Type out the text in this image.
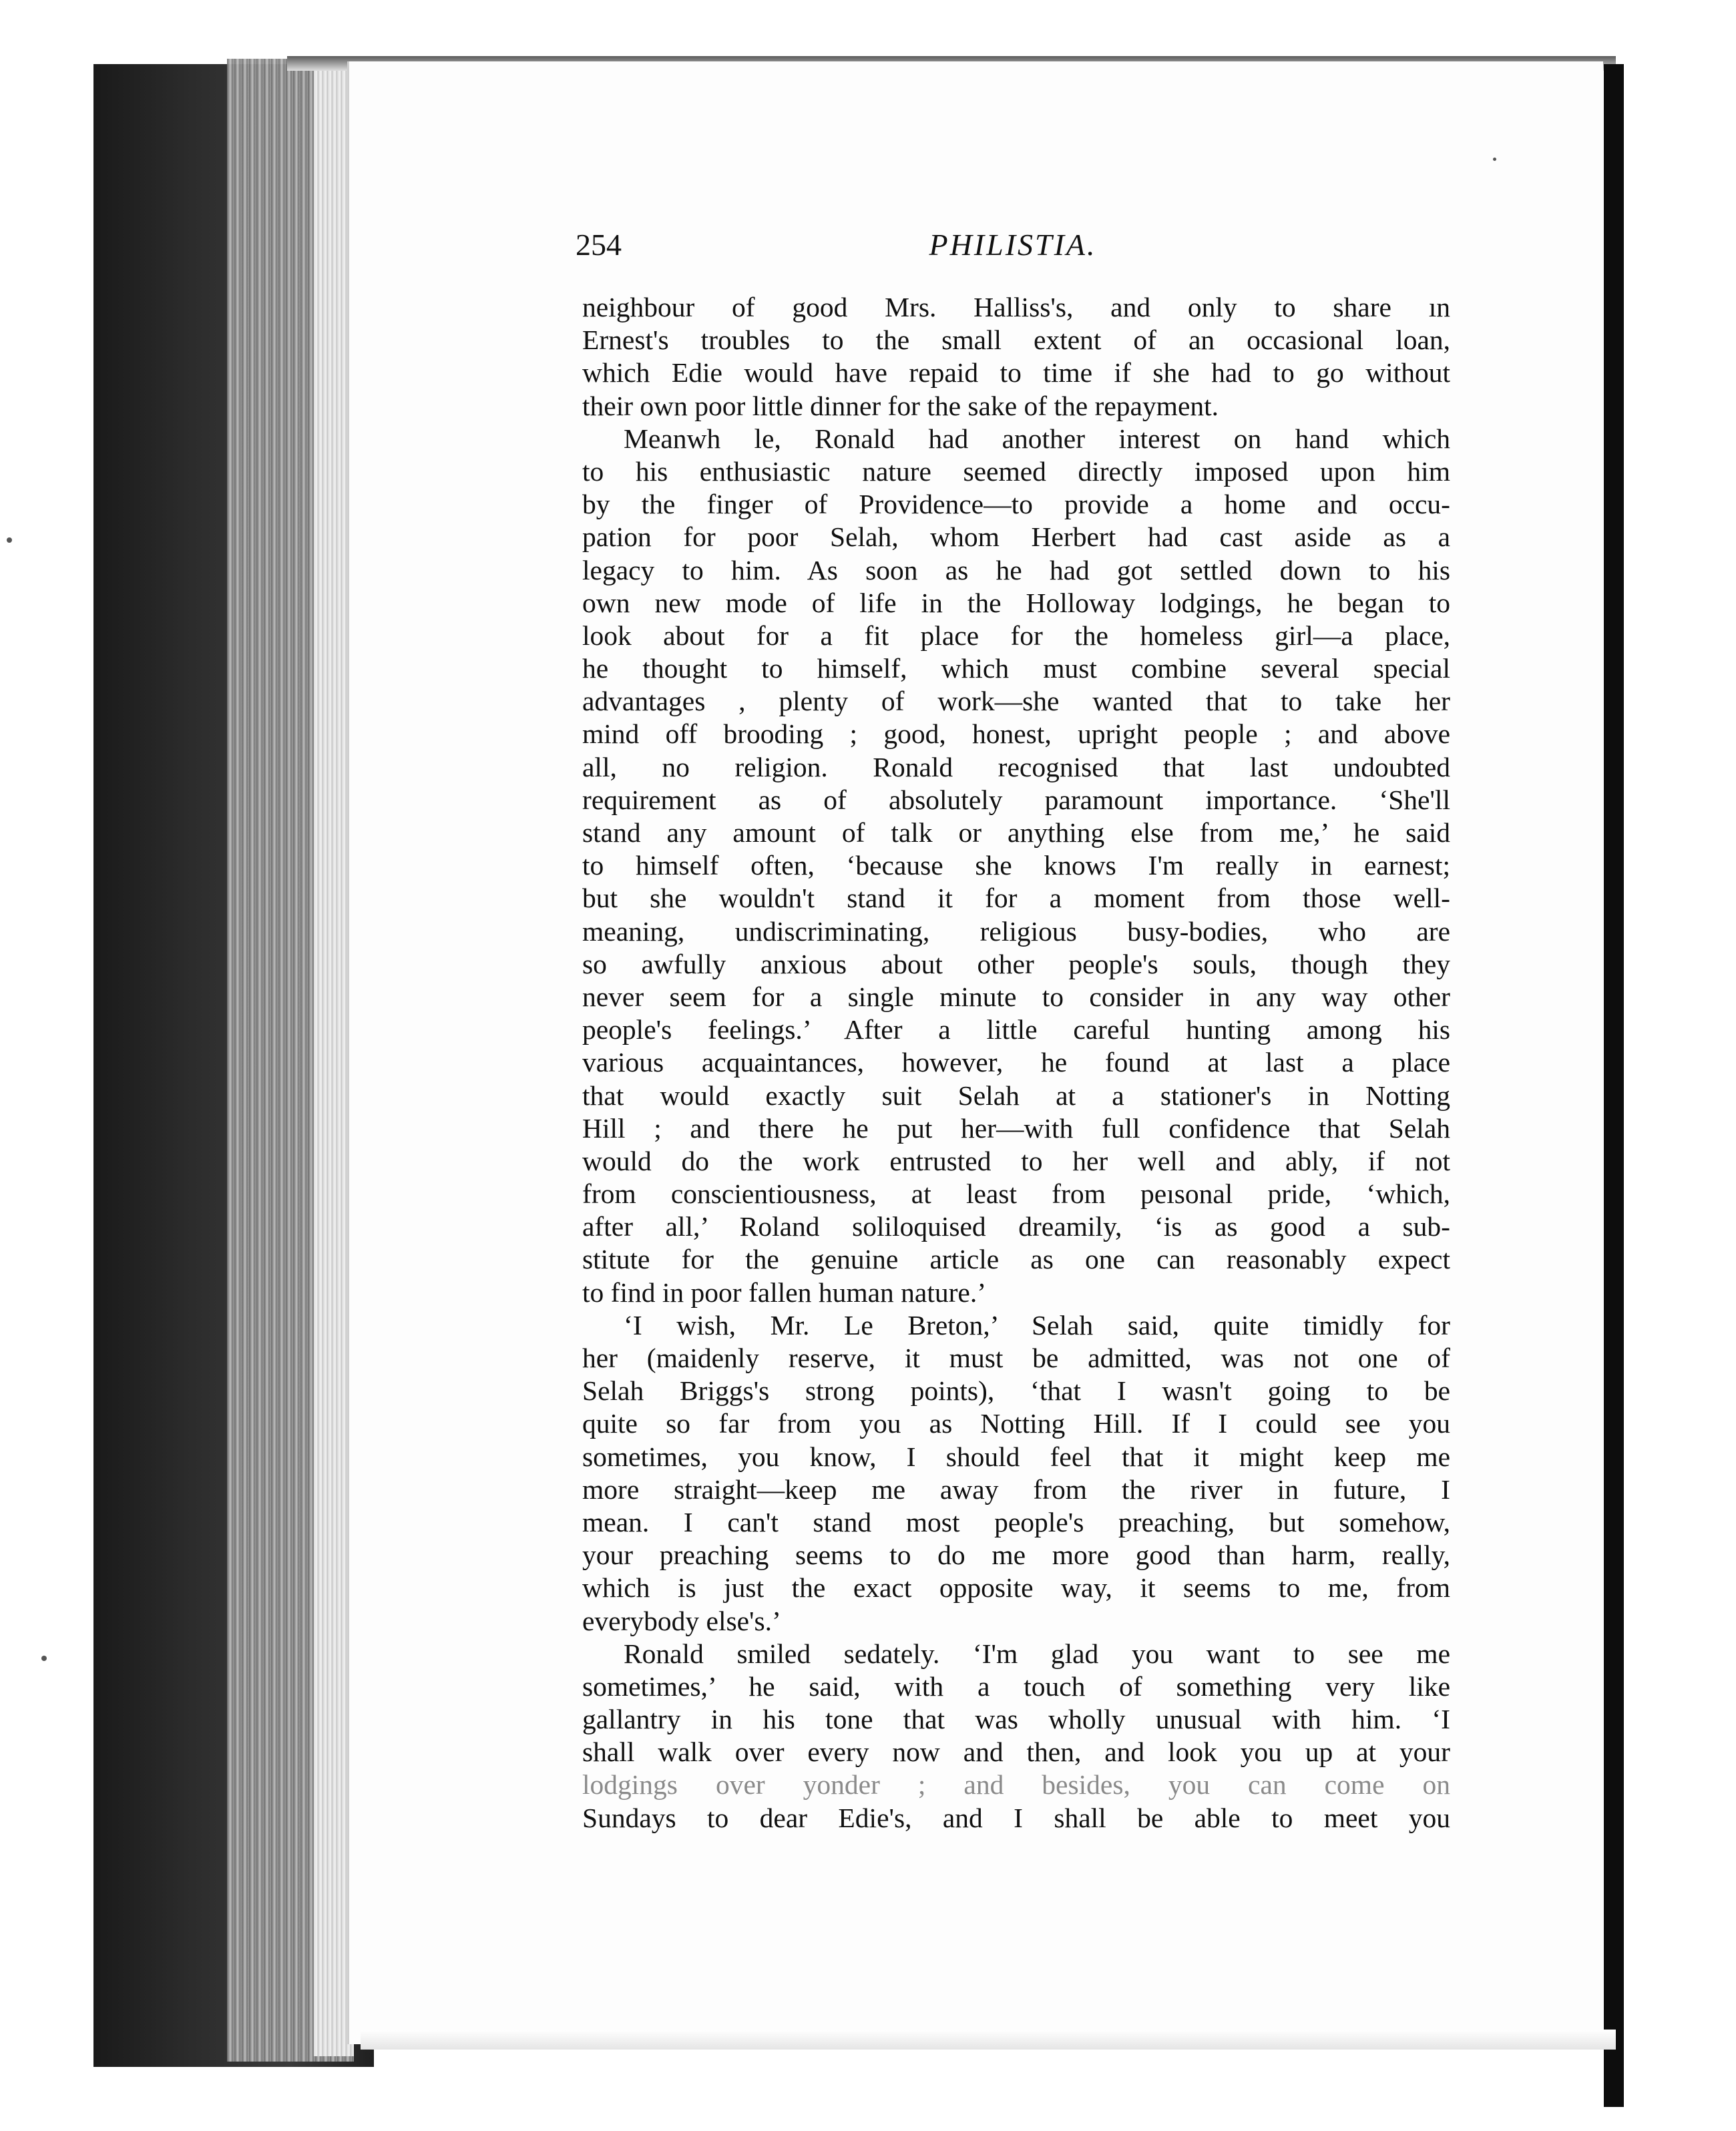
254	PHILISTIA.
neighbour of good Mrs. Halliss's, and only to share ın
Ernest's troubles to the small extent of an occasional loan,
which Edie would have repaid to time if she had to go without
their own poor little dinner for the sake of the repayment.
Meanwh le, Ronald had another interest on hand which
to his enthusiastic nature seemed directly imposed upon him
by the finger of Providence—to provide a home and occu-
pation for poor Selah, whom Herbert had cast aside as a
legacy to him. As soon as he had got settled down to his
own new mode of life in the Holloway lodgings, he began to
look about for a fit place for the homeless girl—a place,
he thought to himself, which must combine several special
advantages , plenty of work—she wanted that to take her
mind off brooding ; good, honest, upright people ; and above
all, no religion. Ronald recognised that last undoubted
requirement as of absolutely paramount importance. ‘She'll
stand any amount of talk or anything else from me,’ he said
to himself often, ‘because she knows I'm really in earnest;
but she wouldn't stand it for a moment from those well-
meaning, undiscriminating, religious busy-bodies, who are
so awfully anxious about other people's souls, though they
never seem for a single minute to consider in any way other
people's feelings.’ After a little careful hunting among his
various acquaintances, however, he found at last a place
that would exactly suit Selah at a stationer's in Notting
Hill ; and there he put her—with full confidence that Selah
would do the work entrusted to her well and ably, if not
from conscientiousness, at least from peısonal pride, ‘which,
after all,’ Roland soliloquised dreamily, ‘is as good a sub-
stitute for the genuine article as one can reasonably expect
to find in poor fallen human nature.’
‘I wish, Mr. Le Breton,’ Selah said, quite timidly for
her (maidenly reserve, it must be admitted, was not one of
Selah Briggs's strong points), ‘that I wasn't going to be
quite so far from you as Notting Hill. If I could see you
sometimes, you know, I should feel that it might keep me
more straight—keep me away from the river in future, I
mean. I can't stand most people's preaching, but somehow,
your preaching seems to do me more good than harm, really,
which is just the exact opposite way, it seems to me, from
everybody else's.’
Ronald smiled sedately. ‘I'm glad you want to see me
sometimes,’ he said, with a touch of something very like
gallantry in his tone that was wholly unusual with him. ‘I
shall walk over every now and then, and look you up at your
lodgings over yonder ; and besides, you can come on
Sundays to dear Edie's, and I shall be able to meet you
